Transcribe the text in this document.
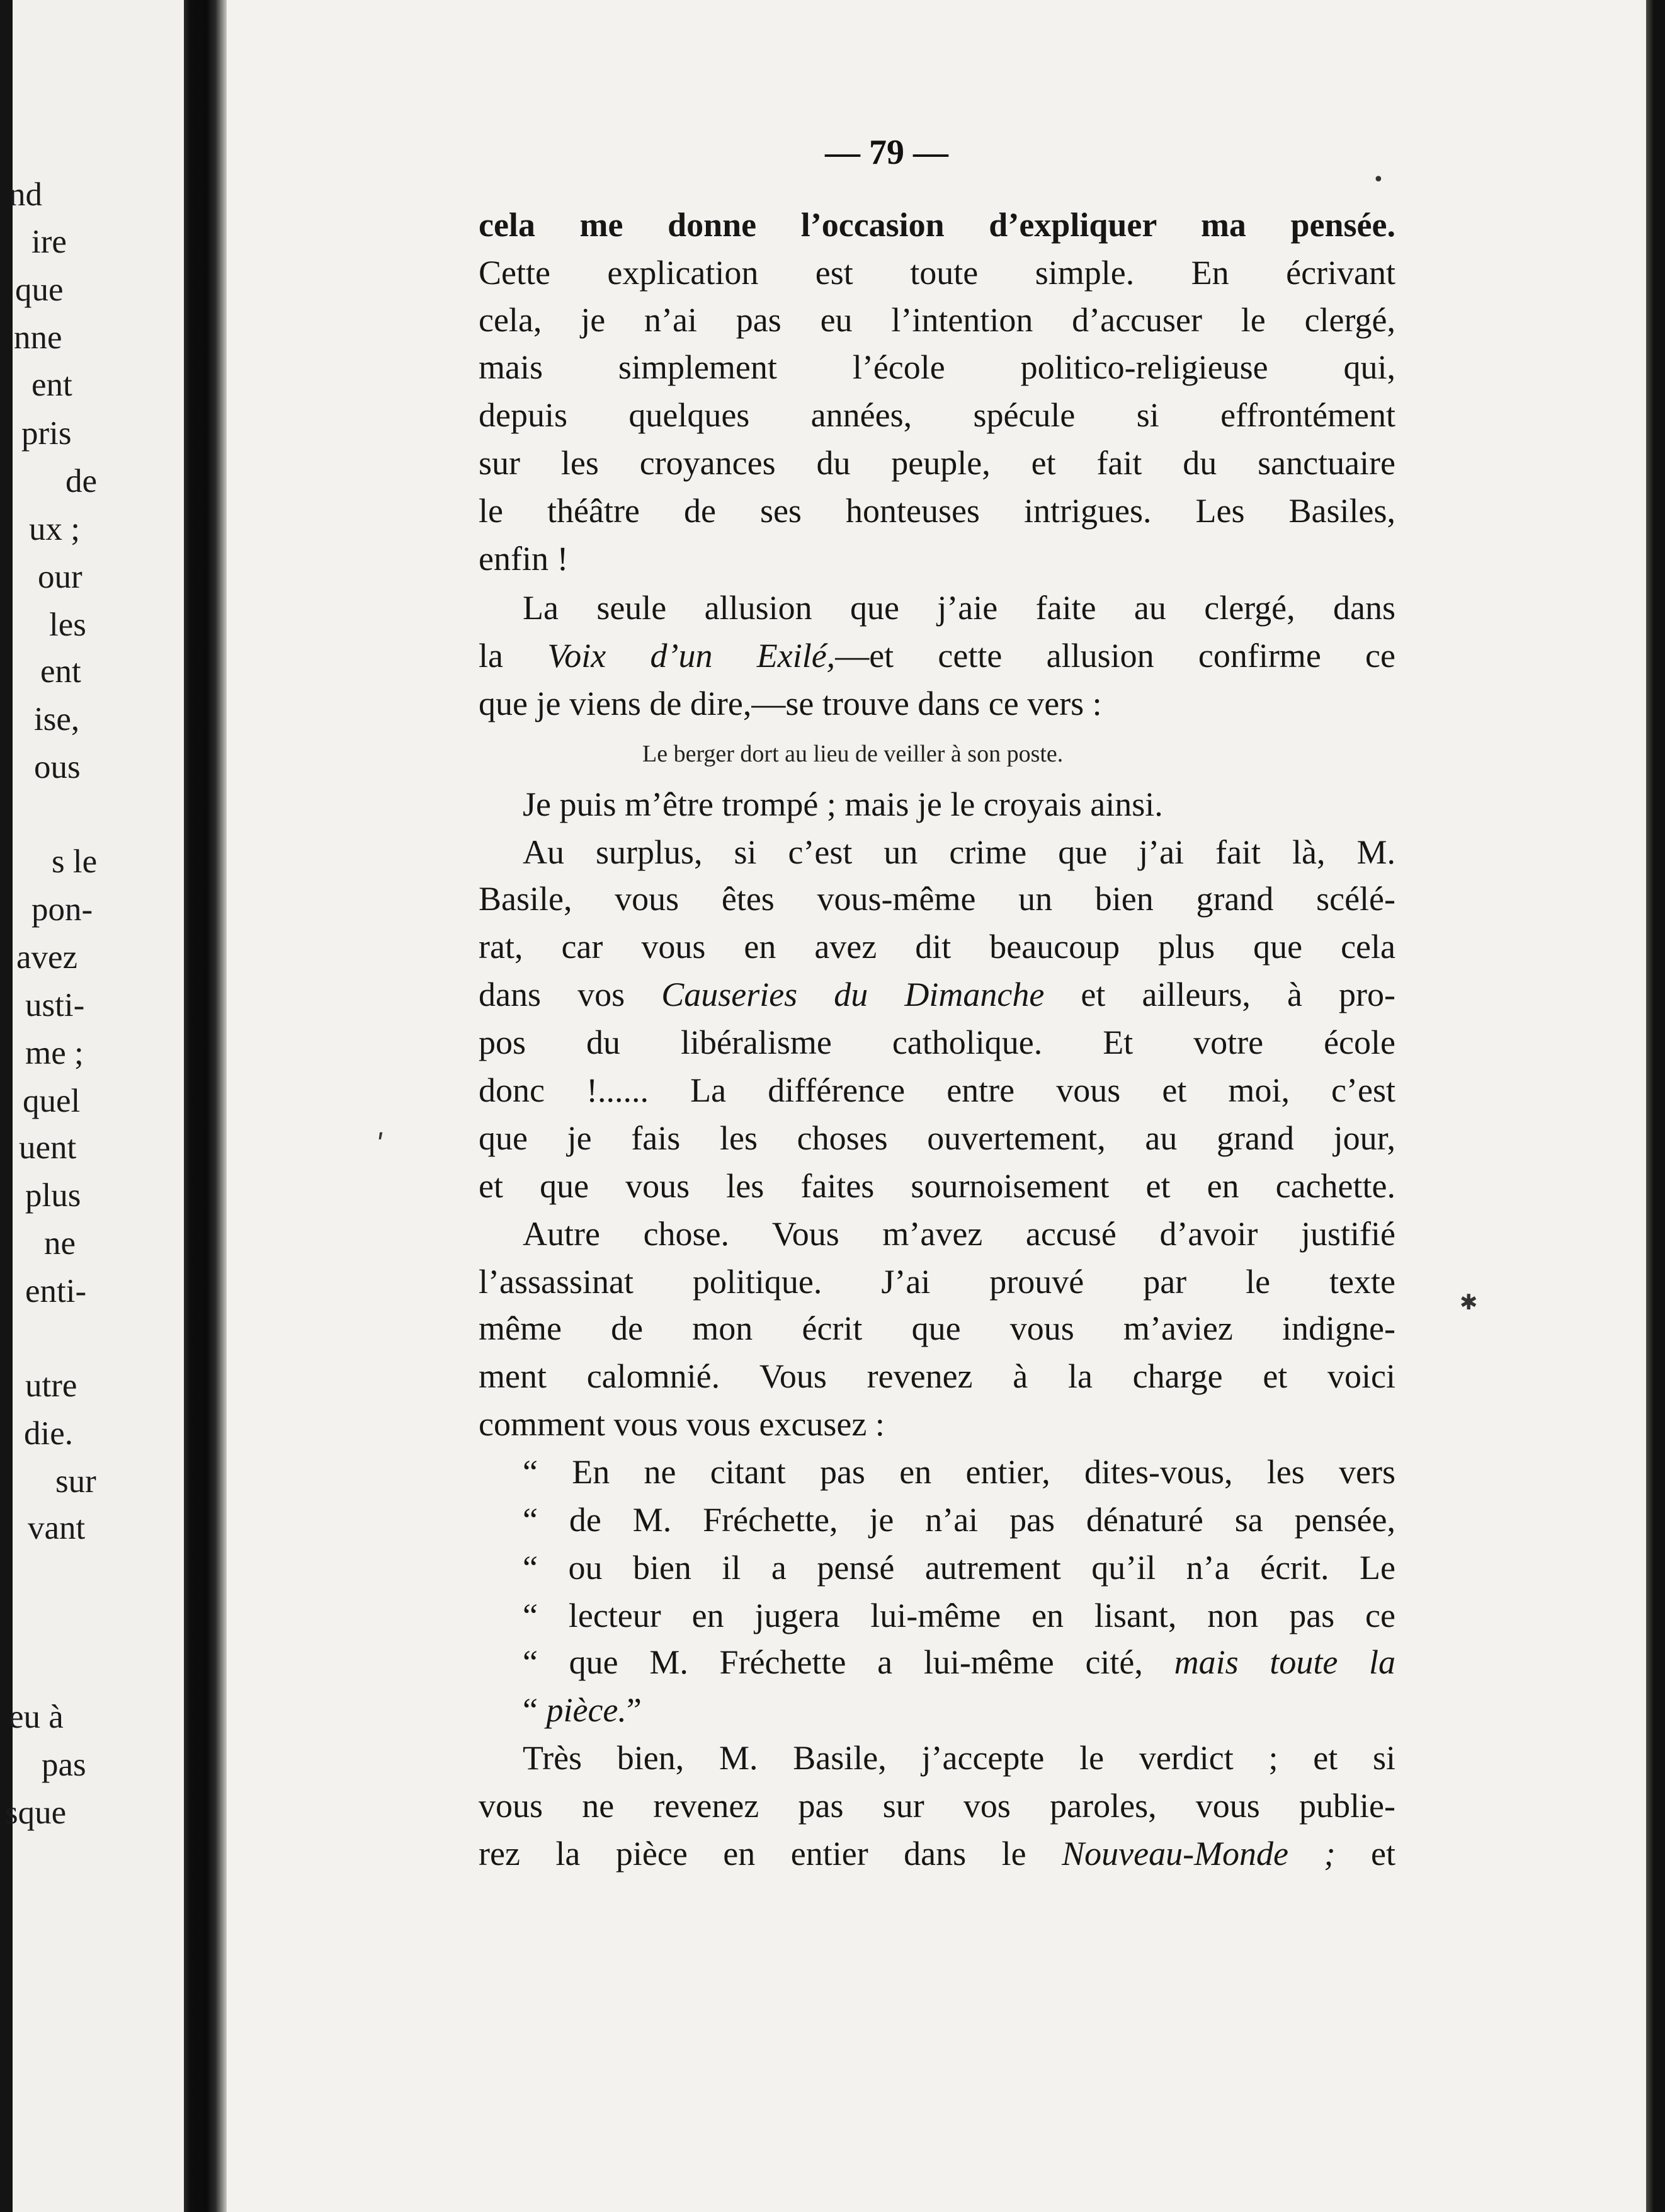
nd

ire

que

nne

ent

pris

de

ux ;

our

les

ent

ise,

ous

s le

pon-

avez

usti-

me ;

quel

uent

plus

ne

enti-

utre

die.

sur

vant

eu à

pas

sque

— 79 —

cela me donne l’occasion d’expliquer ma pensée.

Cette explication est toute simple. En écrivant

cela, je n’ai pas eu l’intention d’accuser le clergé,

mais simplement l’école politico-religieuse qui,

depuis quelques années, spécule si effrontément

sur les croyances du peuple, et fait du sanctuaire

le théâtre de ses honteuses intrigues. Les Basiles,

enfin !

La seule allusion que j’aie faite au clergé, dans

la Voix d’un Exilé,—et cette allusion confirme ce

que je viens de dire,—se trouve dans ce vers :

Le berger dort au lieu de veiller à son poste.

Je puis m’être trompé ; mais je le croyais ainsi.

Au surplus, si c’est un crime que j’ai fait là, M.

Basile, vous êtes vous-même un bien grand scélé-

rat, car vous en avez dit beaucoup plus que cela

dans vos Causeries du Dimanche et ailleurs, à pro-

pos du libéralisme catholique. Et votre école

donc !...... La différence entre vous et moi, c’est

que je fais les choses ouvertement, au grand jour,

et que vous les faites sournoisement et en cachette.

Autre chose. Vous m’avez accusé d’avoir justifié

l’assassinat politique. J’ai prouvé par le texte

même de mon écrit que vous m’aviez indigne-

ment calomnié. Vous revenez à la charge et voici

comment vous vous excusez :

“ En ne citant pas en entier, dites-vous, les vers

“ de M. Fréchette, je n’ai pas dénaturé sa pensée,

“ ou bien il a pensé autrement qu’il n’a écrit. Le

“ lecteur en jugera lui-même en lisant, non pas ce

“ que M. Fréchette a lui-même cité, mais toute la

“ pièce.”

Très bien, M. Basile, j’accepte le verdict ; et si

vous ne revenez pas sur vos paroles, vous publie-

rez la pièce en entier dans le Nouveau-Monde ; et

•
ʹ
✱
